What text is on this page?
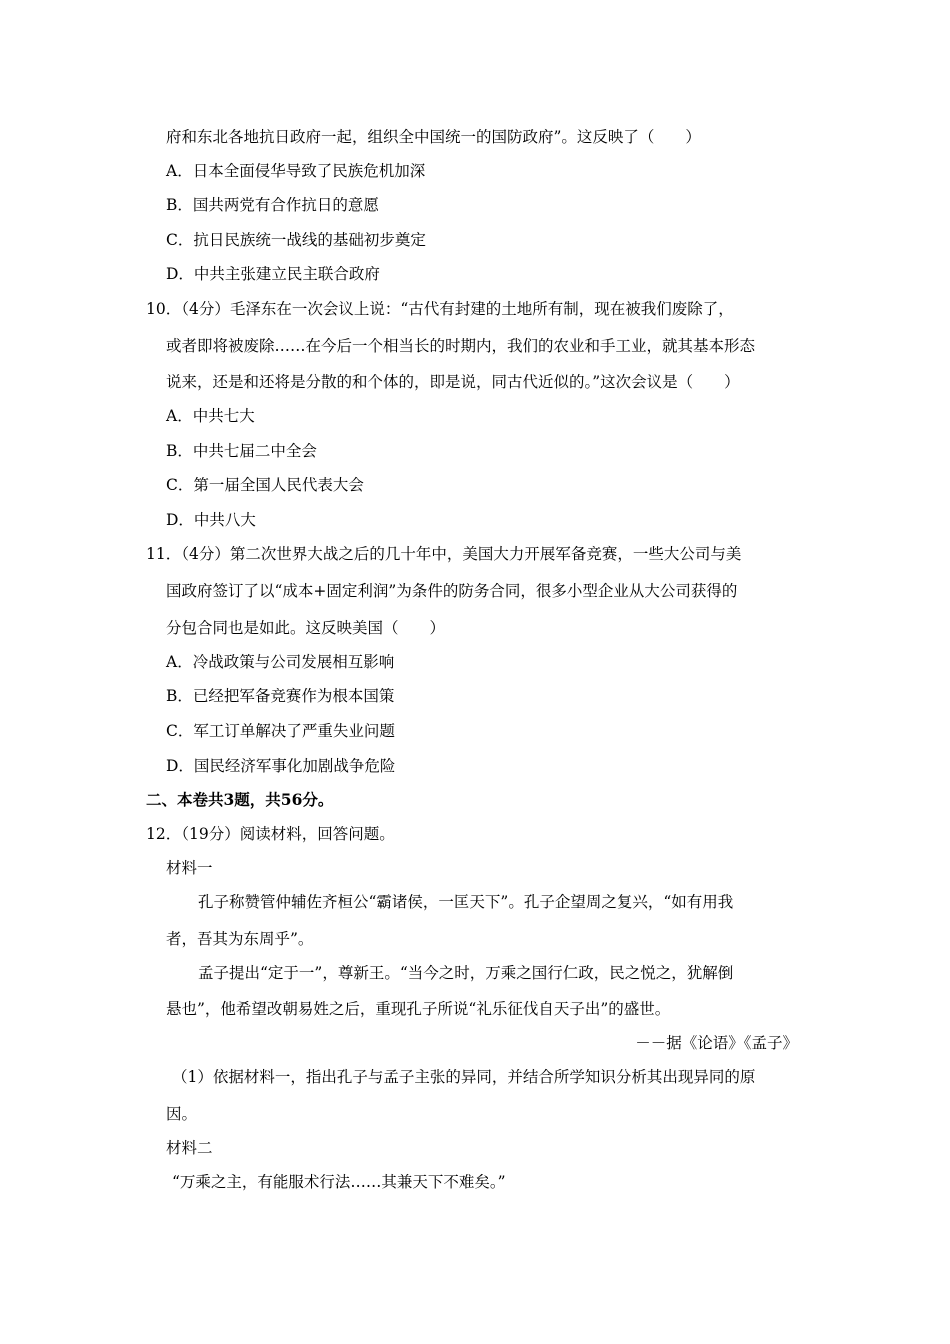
府和东北各地抗日政府一起，组织全中国统一的国防政府”。这反映了（　　）
A．日本全面侵华导致了民族危机加深
B．国共两党有合作抗日的意愿
C．抗日民族统一战线的基础初步奠定
D．中共主张建立民主联合政府
10．（4分）毛泽东在一次会议上说：“古代有封建的土地所有制，现在被我们废除了，
或者即将被废除……在今后一个相当长的时期内，我们的农业和手工业，就其基本形态
说来，还是和还将是分散的和个体的，即是说，同古代近似的。”这次会议是（　　）
A．中共七大
B．中共七届二中全会
C．第一届全国人民代表大会
D．中共八大
11．（4分）第二次世界大战之后的几十年中，美国大力开展军备竞赛，一些大公司与美
国政府签订了以“成本+固定利润”为条件的防务合同，很多小型企业从大公司获得的
分包合同也是如此。这反映美国（　　）
A．冷战政策与公司发展相互影响
B．已经把军备竞赛作为根本国策
C．军工订单解决了严重失业问题
D．国民经济军事化加剧战争危险
二、本卷共3题，共56分。
12．（19分）阅读材料，回答问题。
材料一
孔子称赞管仲辅佐齐桓公“霸诸侯，一匡天下”。孔子企望周之复兴，“如有用我
者，吾其为东周乎”。
孟子提出“定于一”，尊新王。“当今之时，万乘之国行仁政，民之悦之，犹解倒
悬也”，他希望改朝易姓之后，重现孔子所说“礼乐征伐自天子出”的盛世。
－－据《论语》《孟子》
（1）依据材料一，指出孔子与孟子主张的异同，并结合所学知识分析其出现异同的原
因。
材料二
“万乘之主，有能服术行法……其兼天下不难矣。”
